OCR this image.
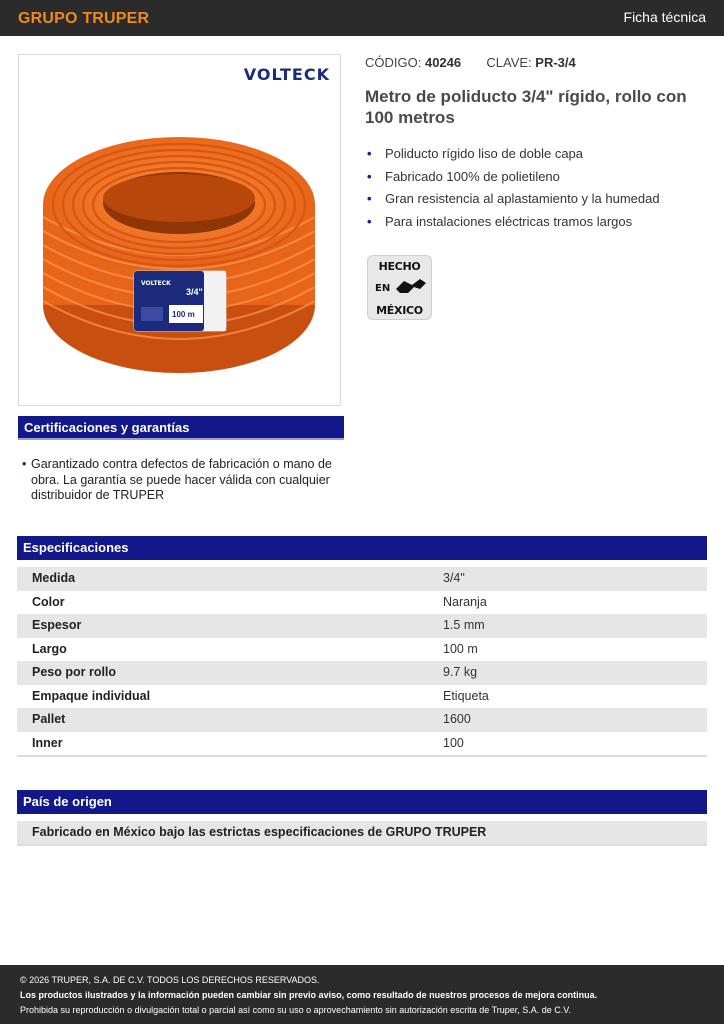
GRUPO TRUPER	Ficha técnica
VOLTECK
VOLTECK
3/4"
100 m
CÓDIGO: 40246 CLAVE: PR-3/4
Metro de poliducto 3/4" rígido, rollo con 100 metros
• Poliducto rígido liso de doble capa
• Fabricado 100% de polietileno
• Gran resistencia al aplastamiento y la humedad
• Para instalaciones eléctricas tramos largos
HECHO
EN
MÉXICO
Certificaciones y garantías
• Garantizado contra defectos de fabricación o mano de obra. La garantía se puede hacer válida con cualquier distribuidor de TRUPER
Especificaciones
Medida	3/4"
Color	Naranja
Espesor	1.5 mm
Largo	100 m
Peso por rollo	9.7 kg
Empaque individual	Etiqueta
Pallet	1600
Inner	100
País de origen
Fabricado en México bajo las estrictas especificaciones de GRUPO TRUPER
© 2026 TRUPER, S.A. DE C.V. TODOS LOS DERECHOS RESERVADOS.
Los productos ilustrados y la información pueden cambiar sin previo aviso, como resultado de nuestros procesos de mejora continua.
Prohibida su reproducción o divulgación total o parcial así como su uso o aprovechamiento sin autorización escrita de Truper, S.A. de C.V.
